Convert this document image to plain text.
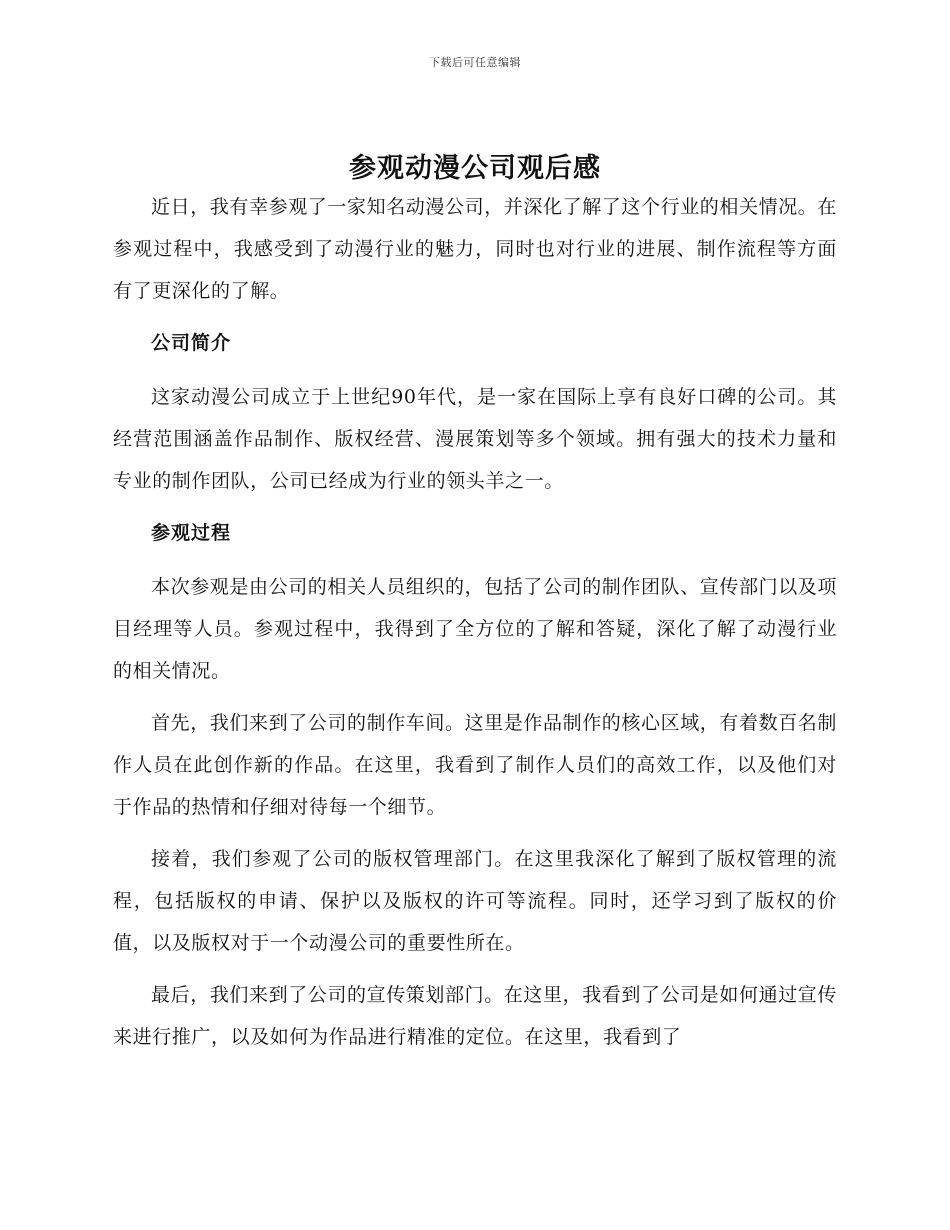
下载后可任意编辑
参观动漫公司观后感

近日，我有幸参观了一家知名动漫公司，并深化了解了这个行业的相关情况。在参观过程中，我感受到了动漫行业的魅力，同时也对行业的进展、制作流程等方面有了更深化的了解。

公司简介

这家动漫公司成立于上世纪90年代，是一家在国际上享有良好口碑的公司。其经营范围涵盖作品制作、版权经营、漫展策划等多个领域。拥有强大的技术力量和专业的制作团队，公司已经成为行业的领头羊之一。

参观过程

本次参观是由公司的相关人员组织的，包括了公司的制作团队、宣传部门以及项目经理等人员。参观过程中，我得到了全方位的了解和答疑，深化了解了动漫行业的相关情况。

首先，我们来到了公司的制作车间。这里是作品制作的核心区域，有着数百名制作人员在此创作新的作品。在这里，我看到了制作人员们的高效工作，以及他们对于作品的热情和仔细对待每一个细节。

接着，我们参观了公司的版权管理部门。在这里我深化了解到了版权管理的流程，包括版权的申请、保护以及版权的许可等流程。同时，还学习到了版权的价值，以及版权对于一个动漫公司的重要性所在。

最后，我们来到了公司的宣传策划部门。在这里，我看到了公司是如何通过宣传来进行推广，以及如何为作品进行精准的定位。在这里，我看到了
